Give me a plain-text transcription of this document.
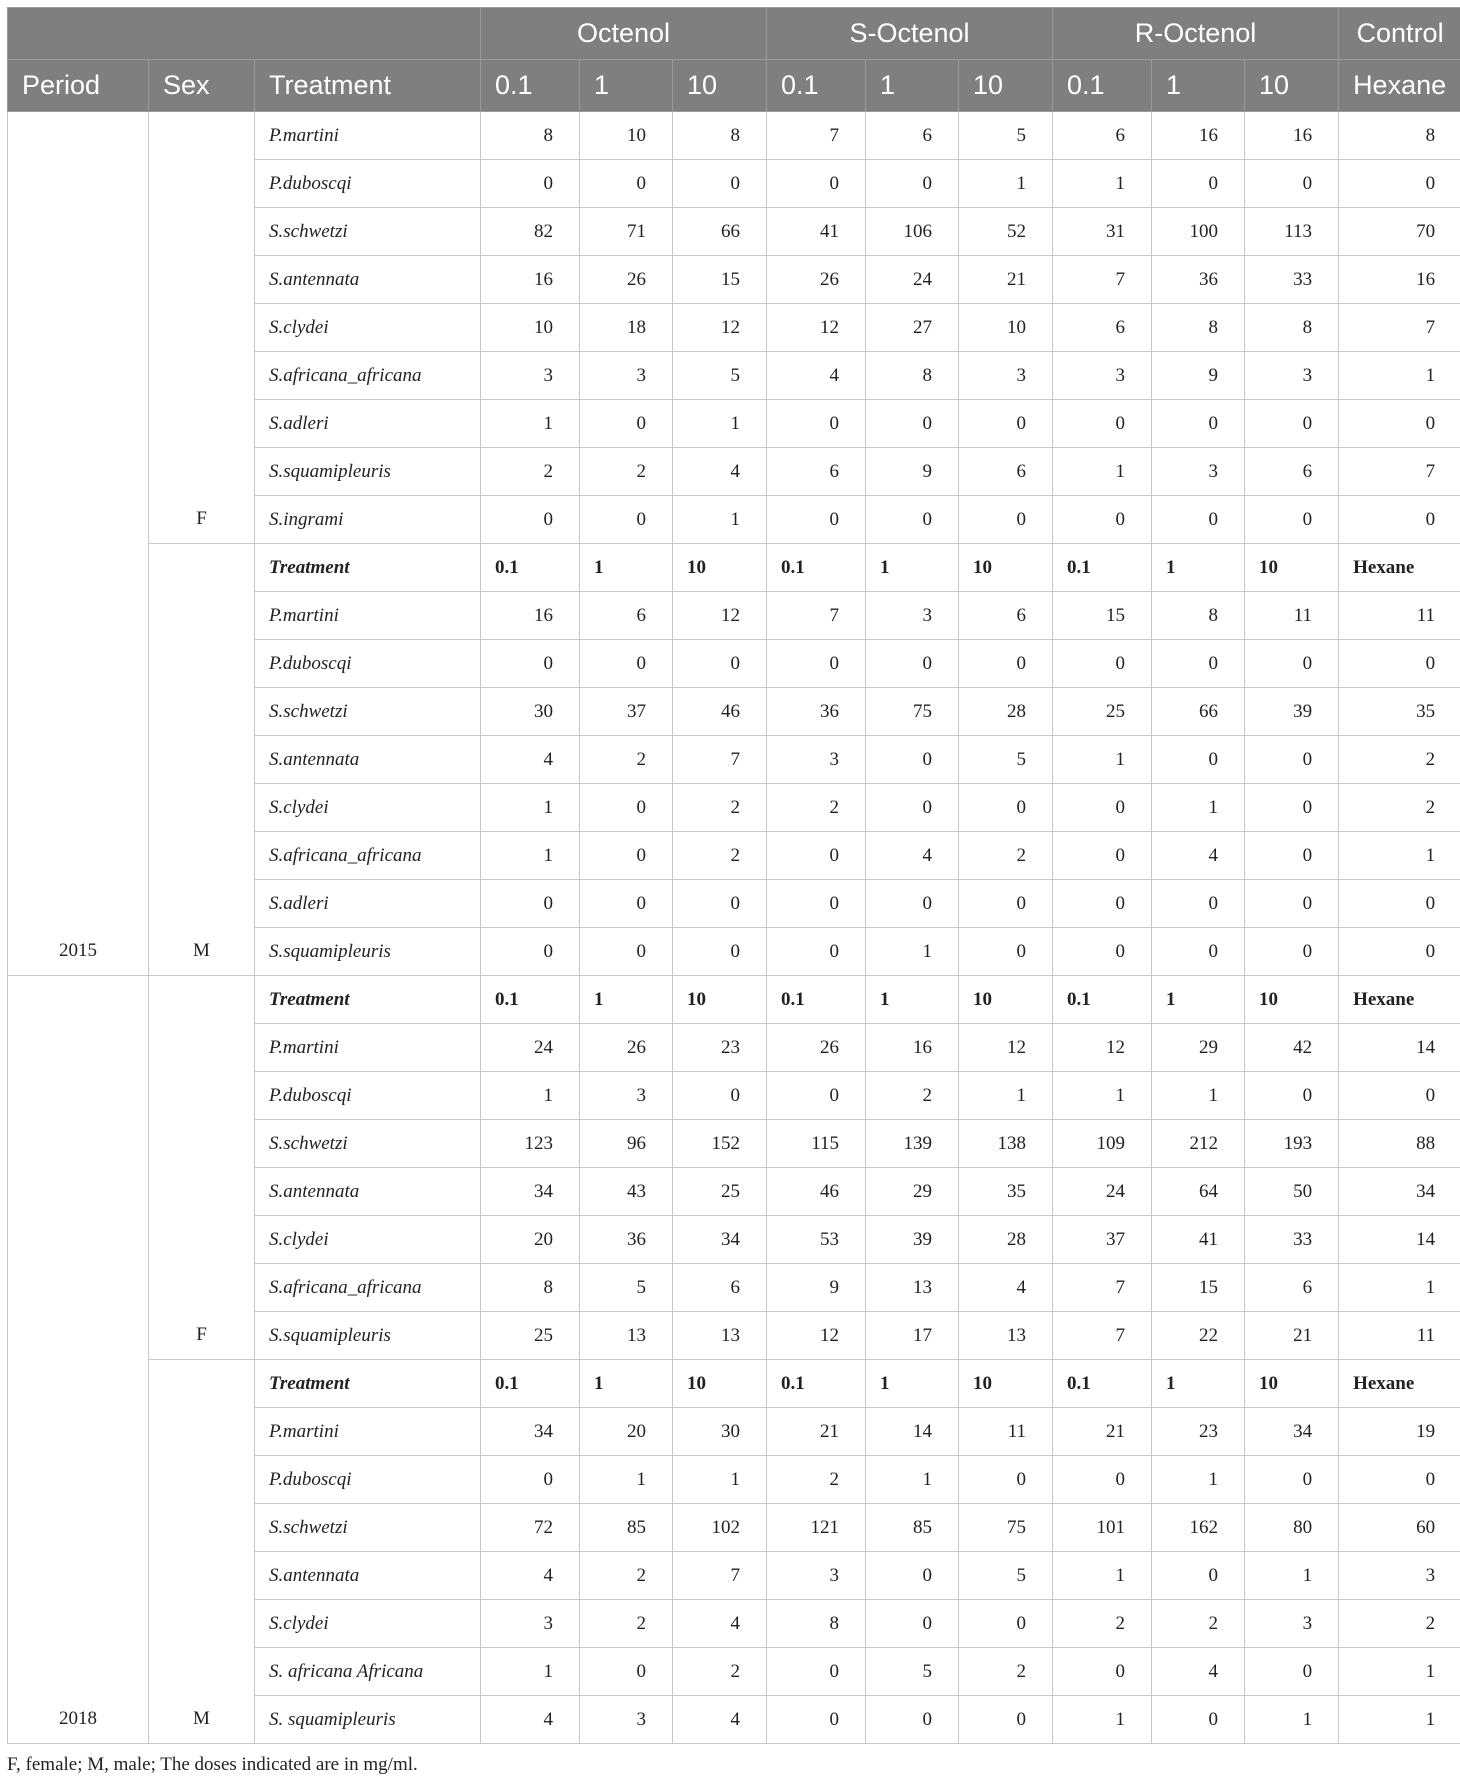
			Octenol			S-Octenol			R-Octenol			Control
Period	Sex	Treatment	0.1	1	10	0.1	1	10	0.1	1	10	Hexane
2015	F	P.martini	8	10	8	7	6	5	6	16	16	8
		P.duboscqi	0	0	0	0	0	1	1	0	0	0
		S.schwetzi	82	71	66	41	106	52	31	100	113	70
		S.antennata	16	26	15	26	24	21	7	36	33	16
		S.clydei	10	18	12	12	27	10	6	8	8	7
		S.africana_africana	3	3	5	4	8	3	3	9	3	1
		S.adleri	1	0	1	0	0	0	0	0	0	0
		S.squamipleuris	2	2	4	6	9	6	1	3	6	7
		S.ingrami	0	0	1	0	0	0	0	0	0	0
	M	Treatment	0.1	1	10	0.1	1	10	0.1	1	10	Hexane
		P.martini	16	6	12	7	3	6	15	8	11	11
		P.duboscqi	0	0	0	0	0	0	0	0	0	0
		S.schwetzi	30	37	46	36	75	28	25	66	39	35
		S.antennata	4	2	7	3	0	5	1	0	0	2
		S.clydei	1	0	2	2	0	0	0	1	0	2
		S.africana_africana	1	0	2	0	4	2	0	4	0	1
		S.adleri	0	0	0	0	0	0	0	0	0	0
		S.squamipleuris	0	0	0	0	1	0	0	0	0	0
2018	F	Treatment	0.1	1	10	0.1	1	10	0.1	1	10	Hexane
		P.martini	24	26	23	26	16	12	12	29	42	14
		P.duboscqi	1	3	0	0	2	1	1	1	0	0
		S.schwetzi	123	96	152	115	139	138	109	212	193	88
		S.antennata	34	43	25	46	29	35	24	64	50	34
		S.clydei	20	36	34	53	39	28	37	41	33	14
		S.africana_africana	8	5	6	9	13	4	7	15	6	1
		S.squamipleuris	25	13	13	12	17	13	7	22	21	11
	M	Treatment	0.1	1	10	0.1	1	10	0.1	1	10	Hexane
		P.martini	34	20	30	21	14	11	21	23	34	19
		P.duboscqi	0	1	1	2	1	0	0	1	0	0
		S.schwetzi	72	85	102	121	85	75	101	162	80	60
		S.antennata	4	2	7	3	0	5	1	0	1	3
		S.clydei	3	2	4	8	0	0	2	2	3	2
		S. africana Africana	1	0	2	0	5	2	0	4	0	1
		S. squamipleuris	4	3	4	0	0	0	1	0	1	1
F, female; M, male; The doses indicated are in mg/ml.
